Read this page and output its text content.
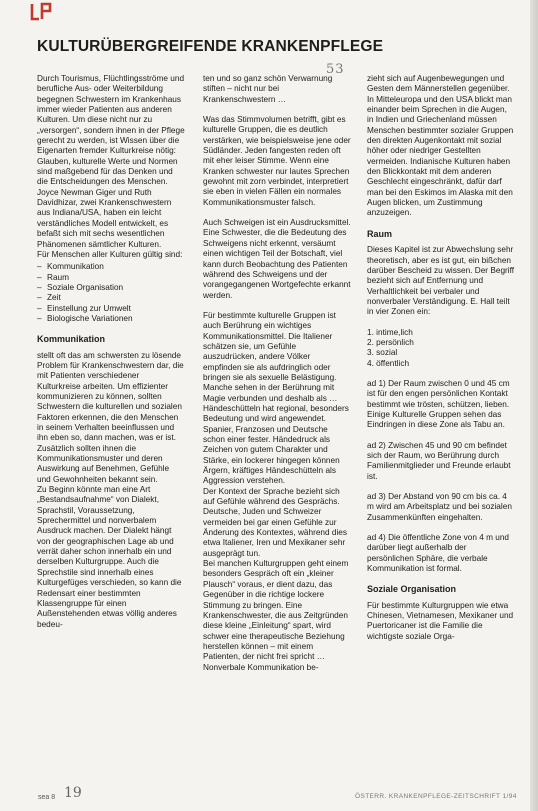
53
KULTURÜBERGREIFENDE KRANKENPFLEGE

Durch Tourismus, Flüchtlingsströme und berufliche Aus- oder Weiterbildung begegnen Schwestern im Krankenhaus immer wieder Patienten aus anderen Kulturen. Um diese nicht nur zu „versorgen“, sondern ihnen in der Pflege gerecht zu werden, ist Wissen über die Eigenarten fremder Kulturkreise nötig: Glauben, kulturelle Werte und Normen sind maßgebend für das Denken und die Entscheidungen des Menschen.

Joyce Newman Giger und Ruth Davidhizar, zwei Krankenschwestern aus Indiana/USA, haben ein leicht verständliches Modell entwickelt, es befaßt sich mit sechs wesentlichen Phänomenen sämtlicher Kulturen.

Für Menschen aller Kulturen gültig sind:

– Kommunikation
– Raum
– Soziale Organisation
– Zeit
– Einstellung zur Umwelt
– Biologische Variationen

Kommunikation

stellt oft das am schwersten zu lösende Problem für Krankenschwestern dar, die mit Patienten verschiedener Kulturkreise arbeiten. Um effizienter kommunizieren zu können, sollten Schwestern die kulturellen und sozialen Faktoren erkennen, die den Menschen in seinem Verhalten beeinflussen und ihn eben so, dann machen, was er ist. Zusätzlich sollten ihnen die Kommunikationsmuster und deren Auswirkung auf Benehmen, Gefühle und Gewohnheiten bekannt sein.

Zu Beginn könnte man eine Art „Bestandsaufnahme“ von Dialekt, Sprachstil, Voraussetzung, Sprechermittel und nonverbalem Ausdruck machen. Der Dialekt hängt von der geographischen Lage ab und verrät daher schon innerhalb ein und derselben Kulturgruppe. Auch die Sprechstile sind innerhalb eines Kulturgefüges verschieden, so kann die Redensart einer bestimmten Klassengruppe für einen Außenstehenden etwas völlig anderes bedeu-

ten und so ganz schön Verwarnung stiften – nicht nur bei Krankenschwestern …

Was das Stimmvolumen betrifft, gibt es kulturelle Gruppen, die es deutlich verstärken, wie beispielsweise jene oder Südländer. Jeden fangesten reden oft mit eher leiser Stimme. Wenn eine Kranken schwester nur lautes Sprechen gewohnt mit zorn verbindet, interpretiert sie eben in vielen Fällen ein normales Kommunikationsmuster falsch.

Auch Schweigen ist ein Ausdrucksmittel. Eine Schwester, die die Bedeutung des Schweigens nicht erkennt, versäumt einen wichtigen Teil der Botschaft, viel kann durch Beobachtung des Patienten während des Schweigens und der vorangegangenen Wortgefechte erkannt werden.

Für bestimmte kulturelle Gruppen ist auch Berührung ein wichtiges Kommunikationsmittel. Die Italiener schätzen sie, um Gefühle auszudrücken, andere Völker empfinden sie als aufdringlich oder bringen sie als sexuelle Belästigung. Manche sehen in der Berührung mit Magie verbunden und deshalb als … Händeschütteln hat regional, besonders Bedeutung und wird angewendet. Spanier, Franzosen und Deutsche schon einer fester. Händedruck als Zeichen von gutem Charakter und Stärke, ein lockerer hingegen können Ärgern, kräftiges Händeschütteln als Aggression verstehen.

Der Kontext der Sprache bezieht sich auf Gefühle während des Gesprächs. Deutsche, Juden und Schweizer vermeiden bei gar einen Gefühle zur Änderung des Kontextes, während dies etwa Italiener, Iren und Mexikaner sehr ausgeprägt tun.

Bei manchen Kulturgruppen geht einem besonders Gespräch oft ein „kleiner Plausch“ voraus, er dient dazu, das Gegenüber in die richtige lockere Stimmung zu bringen. Eine Krankenschwester, die aus Zeitgründen diese kleine „Einleitung“ spart, wird schwer eine therapeutische Beziehung herstellen können – mit einem Patienten, der nicht frei spricht …

Nonverbale Kommunikation be-

zieht sich auf Augenbewegungen und Gesten dem Männerstellen gegenüber. In Mitteleuropa und den USA blickt man einander beim Sprechen in die Augen, in Indien und Griechenland müssen Menschen bestimmter sozialer Gruppen den direkten Augenkontakt mit sozial höher oder niedriger Gestellten vermeiden. Indianische Kulturen haben den Blickkontakt mit dem anderen Geschlecht eingeschränkt, dafür darf man bei den Eskimos im Alaska mit den Augen blicken, um Zustimmung anzuzeigen.

Raum

Dieses Kapitel ist zur Abwechslung sehr theoretisch, aber es ist gut, ein bißchen darüber Bescheid zu wissen. Der Begriff bezieht sich auf Entfernung und Verhaltlichkeit bei verbaler und nonverbaler Verständigung. E. Hall teilt in vier Zonen ein:

1. intime,lich
2. persönlich
3. sozial
4. öffentlich

ad 1) Der Raum zwischen 0 und 45 cm ist für den engen persönlichen Kontakt bestimmt wie trösten, schützen, lieben. Einige Kulturelle Gruppen sehen das Eindringen in diese Zone als Tabu an.

ad 2) Zwischen 45 und 90 cm befindet sich der Raum, wo Berührung durch Familienmitglieder und Freunde erlaubt ist.

ad 3) Der Abstand von 90 cm bis ca. 4 m wird am Arbeitsplatz und bei sozialen Zusammenkünften eingehalten.

ad 4) Die öffentliche Zone von 4 m und darüber liegt außerhalb der persönlichen Sphäre, die verbale Kommunikation ist formal.

Soziale Organisation

Für bestimmte Kulturgruppen wie etwa Chinesen, Vietnamesen, Mexikaner und Puertoricaner ist die Familie die wichtigste soziale Orga-

sea 8 19	ÖSTERR. KRANKENPFLEGE-ZEITSCHRIFT 1/94
